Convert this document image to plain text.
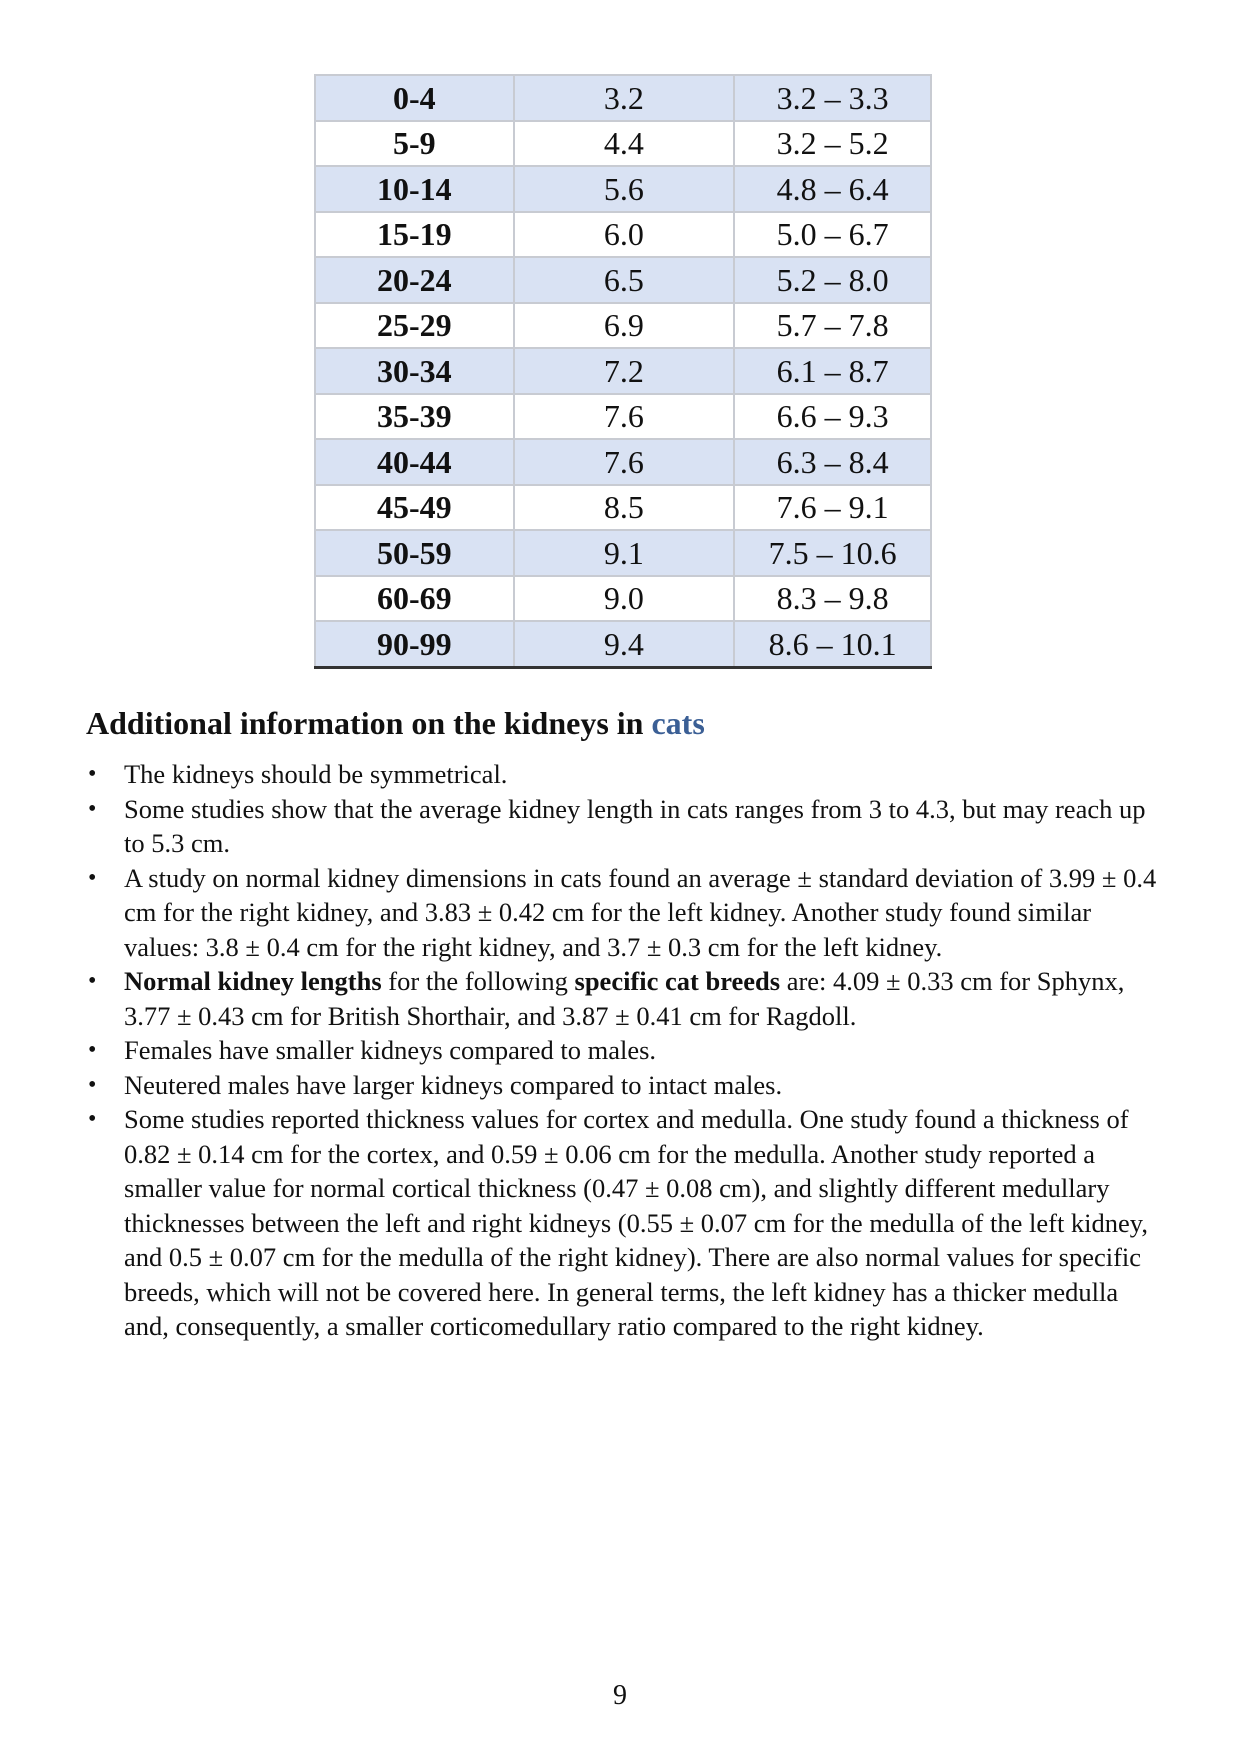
0-4	3.2	3.2 – 3.3
5-9	4.4	3.2 – 5.2
10-14	5.6	4.8 – 6.4
15-19	6.0	5.0 – 6.7
20-24	6.5	5.2 – 8.0
25-29	6.9	5.7 – 7.8
30-34	7.2	6.1 – 8.7
35-39	7.6	6.6 – 9.3
40-44	7.6	6.3 – 8.4
45-49	8.5	7.6 – 9.1
50-59	9.1	7.5 – 10.6
60-69	9.0	8.3 – 9.8
90-99	9.4	8.6 – 10.1
Additional information on the kidneys in cats
• The kidneys should be symmetrical.
• Some studies show that the average kidney length in cats ranges from 3 to 4.3, but may reach up to 5.3 cm.
• A study on normal kidney dimensions in cats found an average ± standard deviation of 3.99 ± 0.4 cm for the right kidney, and 3.83 ± 0.42 cm for the left kidney. Another study found similar values: 3.8 ± 0.4 cm for the right kidney, and 3.7 ± 0.3 cm for the left kidney.
• Normal kidney lengths for the following specific cat breeds are: 4.09 ± 0.33 cm for Sphynx, 3.77 ± 0.43 cm for British Shorthair, and 3.87 ± 0.41 cm for Ragdoll.
• Females have smaller kidneys compared to males.
• Neutered males have larger kidneys compared to intact males.
• Some studies reported thickness values for cortex and medulla. One study found a thickness of 0.82 ± 0.14 cm for the cortex, and 0.59 ± 0.06 cm for the medulla. Another study reported a smaller value for normal cortical thickness (0.47 ± 0.08 cm), and slightly different medullary thicknesses between the left and right kidneys (0.55 ± 0.07 cm for the medulla of the left kidney, and 0.5 ± 0.07 cm for the medulla of the right kidney). There are also normal values for specific breeds, which will not be covered here. In general terms, the left kidney has a thicker medulla and, consequently, a smaller corticomedullary ratio compared to the right kidney.
9
